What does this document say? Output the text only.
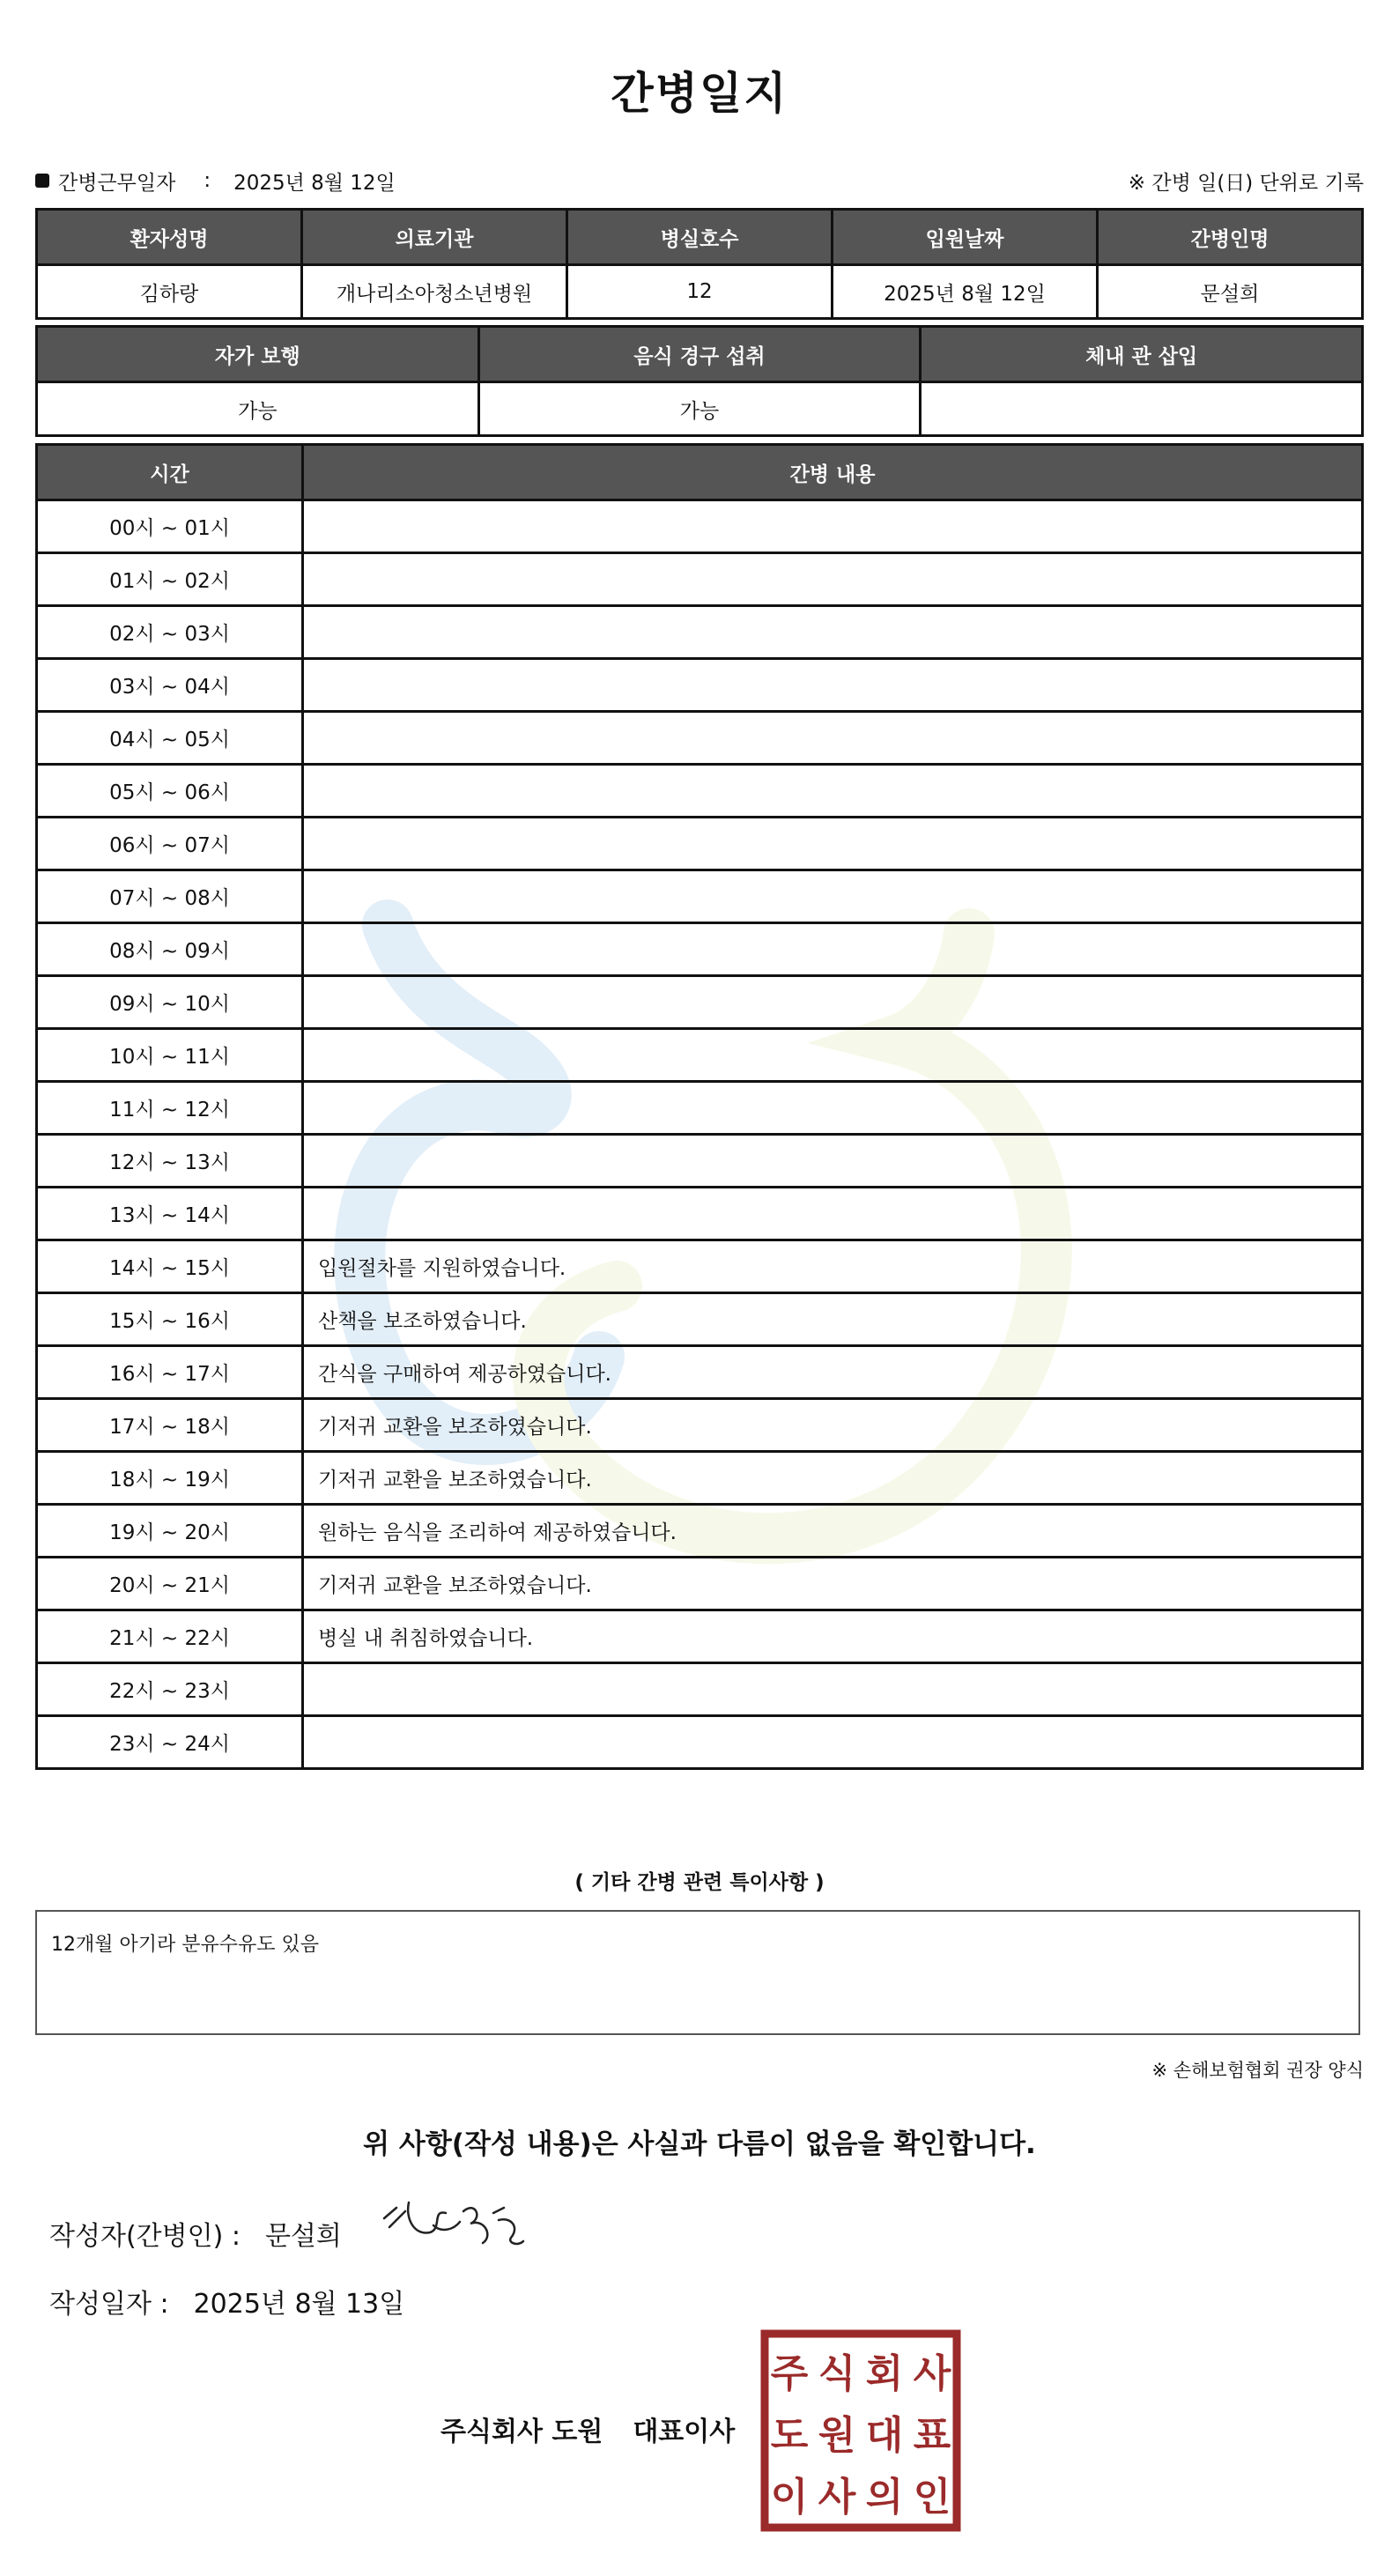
간병일지
간병근무일자 : 2025년 8월 12일	※ 간병 일(日) 단위로 기록
환자성명	의료기관	병실호수	입원날짜	간병인명
김하랑	개나리소아청소년병원	12	2025년 8월 12일	문설희
자가 보행	음식 경구 섭취	체내 관 삽입
가능	가능	
시간	간병 내용
00시 ~ 01시	
01시 ~ 02시	
02시 ~ 03시	
03시 ~ 04시	
04시 ~ 05시	
05시 ~ 06시	
06시 ~ 07시	
07시 ~ 08시	
08시 ~ 09시	
09시 ~ 10시	
10시 ~ 11시	
11시 ~ 12시	
12시 ~ 13시	
13시 ~ 14시	
14시 ~ 15시	입원절차를 지원하였습니다.
15시 ~ 16시	산책을 보조하였습니다.
16시 ~ 17시	간식을 구매하여 제공하였습니다.
17시 ~ 18시	기저귀 교환을 보조하였습니다.
18시 ~ 19시	기저귀 교환을 보조하였습니다.
19시 ~ 20시	원하는 음식을 조리하여 제공하였습니다.
20시 ~ 21시	기저귀 교환을 보조하였습니다.
21시 ~ 22시	병실 내 취침하였습니다.
22시 ~ 23시	
23시 ~ 24시	
( 기타 간병 관련 특이사항 )
12개월 아기라 분유수유도 있음
※ 손해보험협회 권장 양식
위 사항(작성 내용)은 사실과 다름이 없음을 확인합니다.
작성자(간병인) : 문설희
작성일자 : 2025년 8월 13일
주식회사 도원 대표이사
주 식 회 사
도 원 대 표
이 사 의 인
